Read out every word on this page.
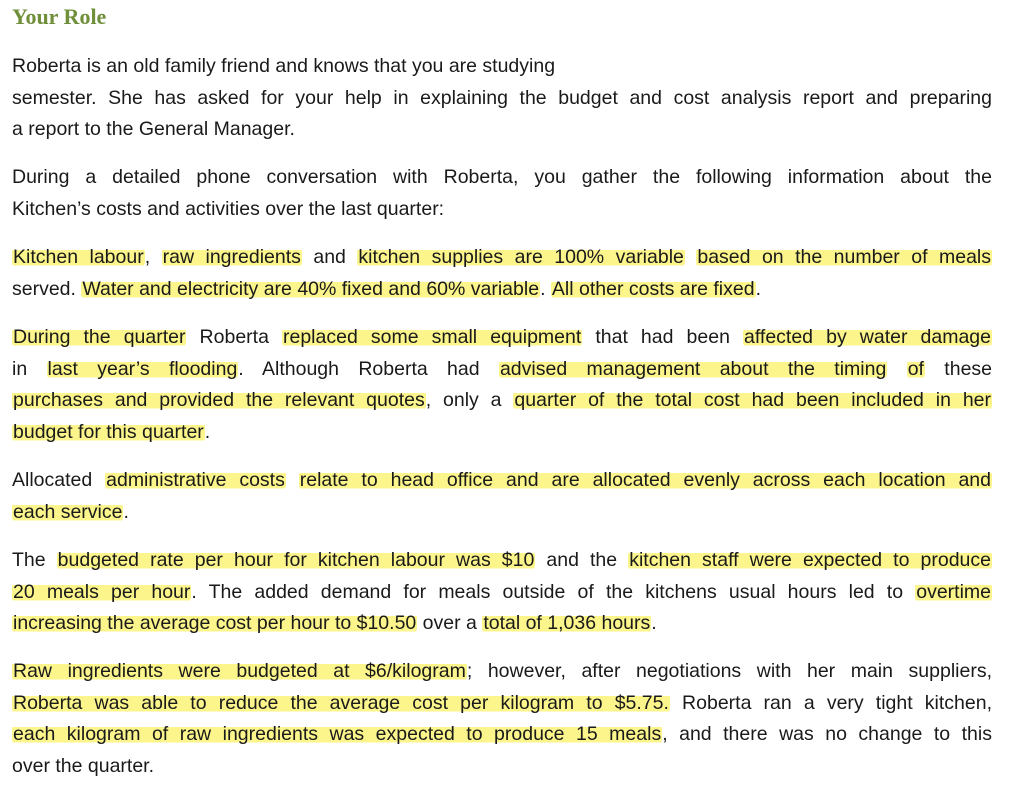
Your Role
Roberta is an old family friend and knows that you are studying
semester. She has asked for your help in explaining the budget and cost analysis report and preparing
a report to the General Manager.
During a detailed phone conversation with Roberta, you gather the following information about the
Kitchen’s costs and activities over the last quarter:
Kitchen labour, raw ingredients and kitchen supplies are 100% variable based on the number of meals
served. Water and electricity are 40% fixed and 60% variable. All other costs are fixed.
During the quarter Roberta replaced some small equipment that had been affected by water damage
in last year’s flooding. Although Roberta had advised management about the timing of these
purchases and provided the relevant quotes, only a quarter of the total cost had been included in her
budget for this quarter.
Allocated administrative costs relate to head office and are allocated evenly across each location and
each service.
The budgeted rate per hour for kitchen labour was $10 and the kitchen staff were expected to produce
20 meals per hour. The added demand for meals outside of the kitchens usual hours led to overtime
increasing the average cost per hour to $10.50 over a total of 1,036 hours.
Raw ingredients were budgeted at $6/kilogram; however, after negotiations with her main suppliers,
Roberta was able to reduce the average cost per kilogram to $5.75. Roberta ran a very tight kitchen,
each kilogram of raw ingredients was expected to produce 15 meals, and there was no change to this
over the quarter.
